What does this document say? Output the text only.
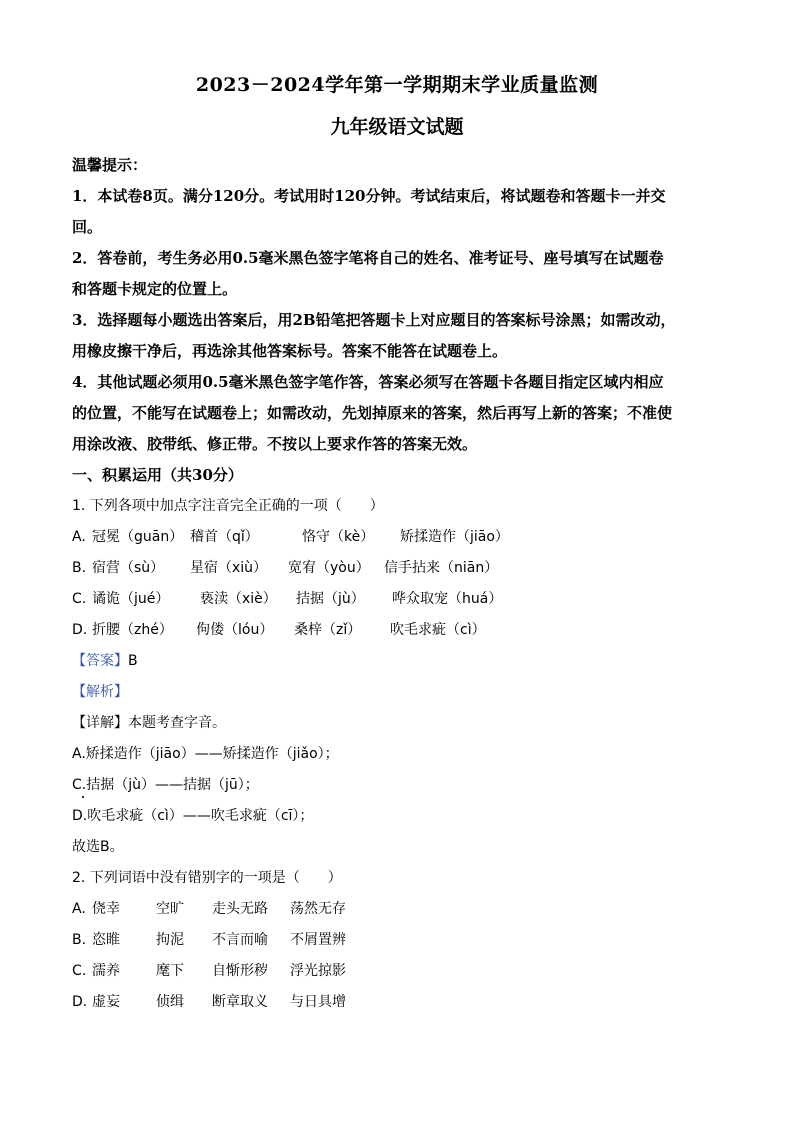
2023－2024学年第一学期期末学业质量监测
九年级语文试题
温馨提示：
1．本试卷8页。满分120分。考试用时120分钟。考试结束后，将试题卷和答题卡一并交
回。
2．答卷前，考生务必用0.5毫米黑色签字笔将自己的姓名、准考证号、座号填写在试题卷
和答题卡规定的位置上。
3．选择题每小题选出答案后，用2B铅笔把答题卡上对应题目的答案标号涂黑；如需改动，
用橡皮擦干净后，再选涂其他答案标号。答案不能答在试题卷上。
4．其他试题必须用0.5毫米黑色签字笔作答，答案必须写在答题卡各题目指定区域内相应
的位置，不能写在试题卷上；如需改动，先划掉原来的答案，然后再写上新的答案；不准使
用涂改液、胶带纸、修正带。不按以上要求作答的答案无效。
一、积累运用（共30分）
1. 下列各项中加点字注音完全正确的一项（　　）
A. 冠冕（guān） 稽首（qǐ）	恪守（kè）	矫揉造作（jiāo）
B. 宿营（sù）	星宿（xiù）	宽宥（yòu）	信手拈来（niān）
C. 谲诡（jué）	亵渎（xiè）	拮据（jù）	哗众取宠（huá）
D. 折腰（zhé）	佝偻（lóu）	桑梓（zǐ）	吹毛求疵（cì）
【答案】B
【解析】
【详解】本题考查字音。
A.矫揉造作（jiāo）——矫揉造作（jiǎo）；
C.拮据（jù）——拮据（jū）；
D.吹毛求疵（cì）——吹毛求疵（cī）；
故选B。
2. 下列词语中没有错别字的一项是（　　）
A. 侥幸	空旷	走头无路	荡然无存
B. 恣睢	拘泥	不言而喻	不屑置辨
C. 濡养	麾下	自惭形秽	浮光掠影
D. 虚妄	侦缉	断章取义	与日具增
